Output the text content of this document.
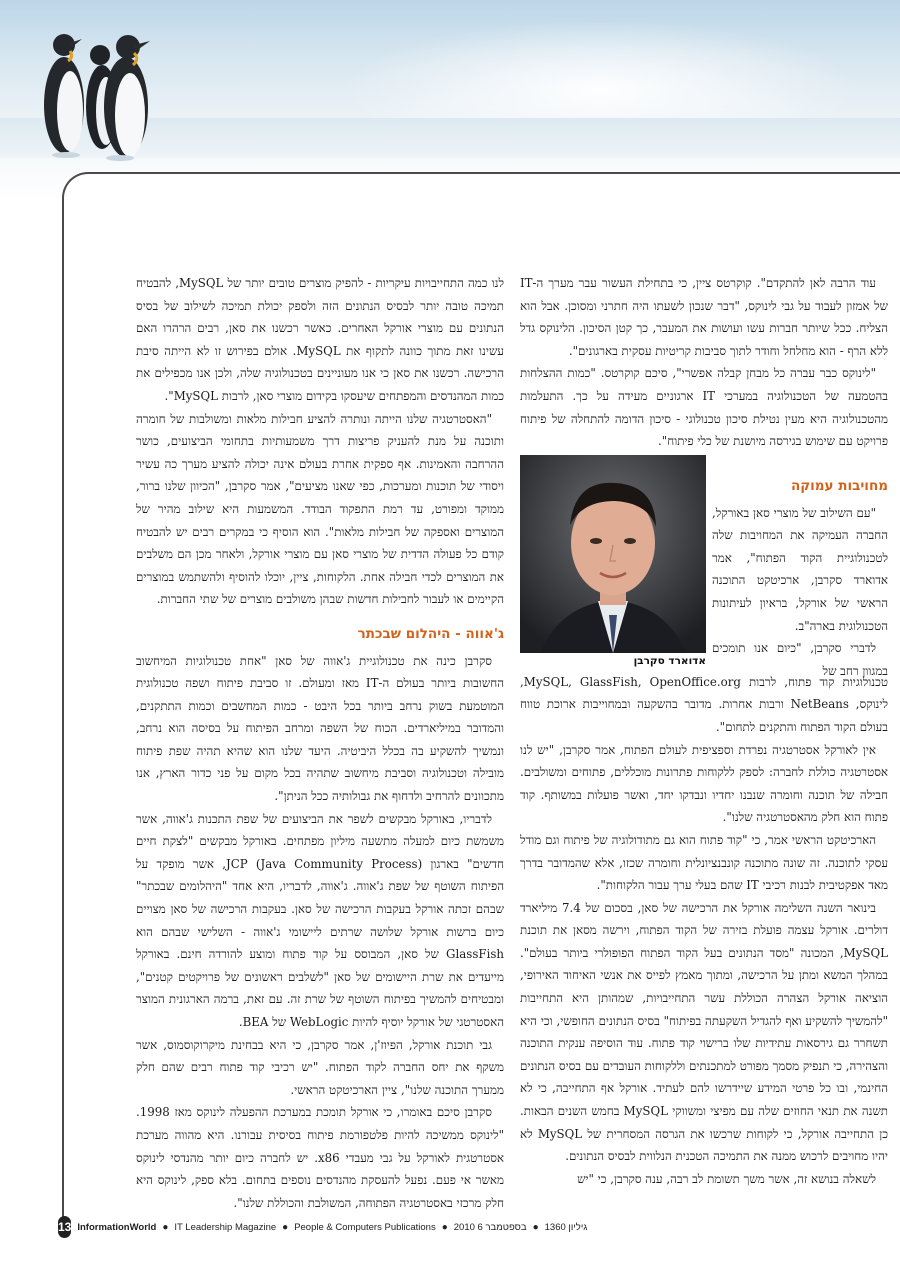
עוד הרבה לאן להתקדם". קוקרטס ציין, כי בתחילת העשור עבר מערך ה-IT של אמזון לעבוד על גבי לינוקס, "דבר שנכון לשעתו היה חתרני ומסוכן. אבל הוא הצליח. ככל שיותר חברות עשו ועושות את המעבר, כך קטן הסיכון. הלינוקס גדל ללא הרף - הוא מחלחל וחודר לתוך סביבות קריטיות עסקית בארגונים".

"לינוקס כבר עברה כל מבחן קבלה אפשרי", סיכם קוקרטס. "כמות ההצלחות בהטמעה של הטכנולוגיה במערכי IT ארגוניים מעידה על כך. התעלמות מהטכנולוגיה היא מעין נטילת סיכון טכנולוגי - סיכון הדומה להתחלה של פיתוח פרויקט עם שימוש בגירסה מיושנת של כלי פיתוח".

טכנולוגיות קוד פתוח, לרבות MySQL, GlassFish, OpenOffice.org, לינוקס, NetBeans ורבות אחרות. מדובר בהשקעה ובמחוייבות ארוכת טווח בעולם הקוד הפתוח והתקנים לתחום".

אין לאורקל אסטרטגיה נפרדת וספציפית לעולם הפתוח, אמר סקרבן, "יש לנו אסטרטגיה כוללת לחברה: לספק ללקוחות פתרונות מוכללים, פתוחים ומשולבים. חבילה של תוכנה וחומרה שנבנו יחדיו ונבדקו יחד, ואשר פועלות במשותף. קוד פתוח הוא חלק מהאסטרטגיה שלנו".

הארכיטקט הראשי אמר, כי "קוד פתוח הוא גם מתודולוגיה של פיתוח וגם מודל עסקי לתוכנה. זה שונה מתוכנה קונבנציונלית וחומרה שכזו, אלא שהמדובר בדרך מאד אפקטיבית לבנות רכיבי IT שהם בעלי ערך עבור הלקוחות".

בינואר השנה השלימה אורקל את הרכישה של סאן, בסכום של 7.4 מיליארד דולרים. אורקל עצמה פועלת בזירה של הקוד הפתוח, וירשה מסאן את תוכנת MySQL, המכונה "מסד הנתונים בעל הקוד הפתוח הפופולרי ביותר בעולם". במהלך המשא ומתן על הרכישה, ומתוך מאמץ לפייס את אנשי האיחוד האירופי, הוציאה אורקל הצהרה הכוללת עשר התחייבויות, שמהותן היא התחייבות "להמשיך להשקיע ואף להגדיל השקעתה בפיתוח" בסיס הנתונים החופשי, וכי היא תשחרר גם גירסאות עתידיות שלו ברישוי קוד פתוח. עוד הוסיפה ענקית התוכנה והצהירה, כי תנפיק מסמך מפורט למתכנתים וללקוחות העובדים עם בסיס הנתונים החינמי, ובו כל פרטי המידע שיידרשו להם לעתיד. אורקל אף התחייבה, כי לא תשנה את תנאי החוזים שלה עם מפיצי ומשווקי MySQL בחמש השנים הבאות. כן התחייבה אורקל, כי לקוחות שרכשו את הגרסה המסחרית של MySQL לא יהיו מחויבים לרכוש ממנה את התמיכה הטכנית הנלווית לבסיס הנתונים.

לשאלה בנושא זה, אשר משך תשומת לב רבה, ענה סקרבן, כי "יש

מחויבות עמוקה

"עם השילוב של מוצרי סאן באורקל, החברה העמיקה את המחויבות שלה לטכנולוגיית הקוד הפתוח", אמר אדוארד סקרבן, ארכיטקט התוכנה הראשי של אורקל, בראיון לעיתונות הטכנולוגית בארה"ב.

לדברי סקרבן, "כיום אנו תומכים במגוון רחב של

אדוארד סקרבן

לנו כמה התחייבויות עיקריות - להפיק מוצרים טובים יותר של MySQL, להבטיח תמיכה טובה יותר לבסיס הנתונים הזה ולספק יכולת תמיכה לשילוב של בסיס הנתונים עם מוצרי אורקל האחרים. כאשר רכשנו את סאן, רבים הרהרו האם עשינו זאת מתוך כוונה לתקוף את MySQL. אולם בפירוש זו לא הייתה סיבת הרכישה. רכשנו את סאן כי אנו מעוניינים בטכנולוגיה שלה, ולכן אנו מכפילים את כמות המהנדסים והמפתחים שיעסקו בקידום מוצרי סאן, לרבות MySQL".

"האסטרטגיה שלנו הייתה ונותרה להציע חבילות מלאות ומשולבות של חומרה ותוכנה על מנת להעניק פריצות דרך משמעותיות בתחומי הביצועים, כושר ההרחבה והאמינות. אף ספקית אחרת בעולם אינה יכולה להציע מערך כה עשיר ויסודי של תוכנות ומערכות, כפי שאנו מציעים", אמר סקרבן, "הכיוון שלנו ברור, ממוקד ומפורט, עד רמת התפקוד הבודד. המשמעות היא שילוב מהיר של המוצרים ואספקה של חבילות מלאות". הוא הוסיף כי במקרים רבים יש להבטיח קודם כל פעולה הדדית של מוצרי סאן עם מוצרי אורקל, ולאחר מכן הם משלבים את המוצרים לכדי חבילה אחת. הלקוחות, ציין, יוכלו להוסיף ולהשתמש במוצרים הקיימים או לעבור לחבילות חדשות שבהן משולבים מוצרים של שתי החברות.

ג'אווה - היהלום שבכתר

סקרבן כינה את טכנולוגיית ג'אווה של סאן "אחת טכנולוגיות המיחשוב החשובות ביותר בעולם ה-IT מאז ומעולם. זו סביבת פיתוח ושפה טכנולוגית המוטמעת בשוק נרחב ביותר בכל היבט - כמות המחשבים וכמות התתקנים, והמדובר במיליארדים. הכוח של השפה ומרחב הפיתוח על בסיסה הוא נרחב, ונמשיך להשקיע בה בכלל היביטיה. היעד שלנו הוא שהיא תהיה שפת פיתוח מובילה וטכנולוגיה וסביבת מיחשוב שתהיה בכל מקום על פני כדור הארץ, אנו מתכוונים להרחיב ולדחוף את גבולותיה ככל הניתן".

לדבריו, באורקל מבקשים לשפר את הביצועים של שפת התכנות ג'אווה, אשר משמשת כיום למעלה מתשעה מיליון מפתחים. באורקל מבקשים "לצקת חיים חדשים" בארגון JCP (Java Community Process), אשר מופקד על הפיתוח השוטף של שפת ג'אווה. ג'אווה, לדבריו, היא אחד "היהלומים שבכתר" שבהם זכתה אורקל בעקבות הרכישה של סאן. בעקבות הרכישה של סאן מצויים כיום ברשות אורקל שלושה שרתים ליישומי ג'אווה - השלישי שבהם הוא GlassFish של סאן, המבוסס על קוד פתוח ומוצע להורדה חינם. באורקל מייעדים את שרת היישומים של סאן "לשלבים ראשונים של פרויקטים קטנים", ומבטיחים להמשיך בפיתוח השוטף של שרת זה. עם זאת, ברמה הארגונית המוצר האסטרטגי של אורקל יוסיף להיות WebLogic של BEA.

גבי תוכנת אורקל, הפיוז'ן, אמר סקרבן, כי היא בבחינת מיקרוקוסמוס, אשר משקף את יחס החברה לקוד הפתוח. "יש רכיבי קוד פתוח רבים שהם חלק ממערך התוכנה שלנו", ציין הארכיטקט הראשי.

סקרבן סיכם באומרו, כי אורקל תומכת במערכת ההפעלה לינוקס מאז 1998. "לינוקס ממשיכה להיות פלטפורמת פיתוח בסיסית עבורנו. היא מהווה מערכת אסטרטגית לאורקל על גבי מעבדי x86. יש לחברה כיום יותר מהנדסי לינוקס מאשר אי פעם. נפעל להעסקת מהנדסים נוספים בתחום. בלא ספק, לינוקס היא חלק מרכזי באסטרטגיה הפתוחה, המשולבת והכוללת שלנו".

13 InformationWorld ● IT Leadership Magazine ● People & Computers Publications ● 2010 6 בספטמבר ● גיליון 1360
